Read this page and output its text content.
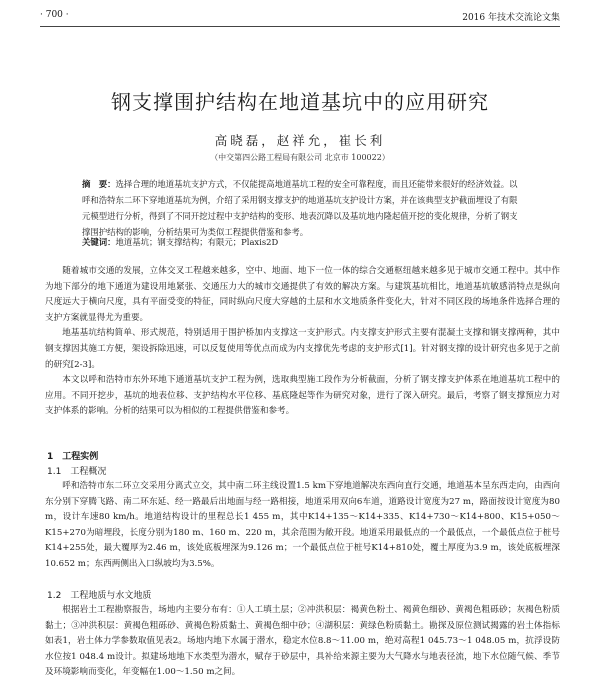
· 700 ·	2016 年技术交流论文集
钢支撑围护结构在地道基坑中的应用研究
高晓磊，赵祥允，崔长利
（中交第四公路工程局有限公司 北京市 100022）
摘　要：选择合理的地道基坑支护方式，不仅能提高地道基坑工程的安全可靠程度，而且还能带来很好的经济效益。以呼和浩特东二环下穿地道基坑为例，介绍了采用钢支撑支护的地道基坑支护设计方案，并在该典型支护截面埋设了有限元模型进行分析，得到了不同开挖过程中支护结构的变形、地表沉降以及基坑地内隆起值开挖的变化规律，分析了钢支撑围护结构的影响，分析结果可为类似工程提供借鉴和参考。
关键词：地道基坑；钢支撑结构；有限元；Plaxis2D

随着城市交通的发展，立体交叉工程越来越多，空中、地面、地下一位一体的综合交通枢纽越来越多见于城市交通工程中。其中作为地下部分的地下通道为建设用地紧张、交通压力大的城市交通提供了有效的解决方案。与建筑基坑相比，地道基坑敏感消特点是纵向尺度远大于横向尺度，具有平面受变的特征，同时纵向尺度大穿越的土层和水文地质条件变化大，针对不同区段的场地条件选择合理的支护方案就显得尤为重要。

地基基坑结构简单、形式规范，特别适用于围护桥加内支撑这一支护形式。内支撑支护形式主要有混凝土支撑和钢支撑两种，其中钢支撑因其施工方便，架设拆除迅速，可以反复使用等优点而成为内支撑优先考虑的支护形式[1]。针对钢支撑的设计研究也多见于之前的研究[2-3]。

本文以呼和浩特市东外环地下通道基坑支护工程为例，选取典型施工段作为分析截面，分析了钢支撑支护体系在地道基坑工程中的应用。不同开挖步，基坑的地表位移、支护结构水平位移、基底隆起等作为研究对象，进行了深入研究。最后，考察了钢支撑预应力对支护体系的影响。分析的结果可以为相似的工程提供借鉴和参考。

1　工程实例
1.1　工程概况

呼和浩特市东二环立交采用分离式立交，其中南二环主线设置1.5 km下穿地道解决东西向直行交通，地道基本呈东西走向，由西向东分别下穿腾飞路、南二环东延、经一路最后出地面与经一路相接，地道采用双向6车道，道路设计宽度为27 m，路面按设计宽度为80 m，设计车速80 km/h。地道结构设计的里程总长1 455 m，其中K14+135～K14+335、K14+730～K14+800、K15+050～K15+270为暗埋段，长度分别为180 m、160 m、220 m，其余范围为敞开段。地道采用最低点的一个最低点，一个最低点位于桩号K14+255处，最大覆厚为2.46 m，该处底板埋深为9.126 m；一个最低点位于桩号K14+810处，覆土厚度为3.9 m，该处底板埋深10.652 m；东西两侧出入口纵坡均为3.5%。

1.2　工程地质与水文地质

根据岩土工程勘察报告，场地内主要分布有：①人工填土层；②冲洪积层：褐黄色粉土、褐黄色细砂、黄褐色粗砾砂；灰褐色粉质黏土；③冲洪积层：黄褐色粗砾砂、黄褐色粉质黏土、黄褐色细中砂；④湖积层：黄绿色粉质黏土。勘探及原位测试揭露的岩土体指标如表1，岩土体力学参数取值见表2。场地内地下水属于潜水，稳定水位8.8～11.00 m，绝对高程1 045.73～1 048.05 m，抗浮设防水位按1 048.4 m设计。拟建场地地下水类型为潜水，赋存于砂层中，具补给来源主要为大气降水与地表径流，地下水位随气候、季节及环境影响而变化，年变幅在1.00～1.50 m之间。
